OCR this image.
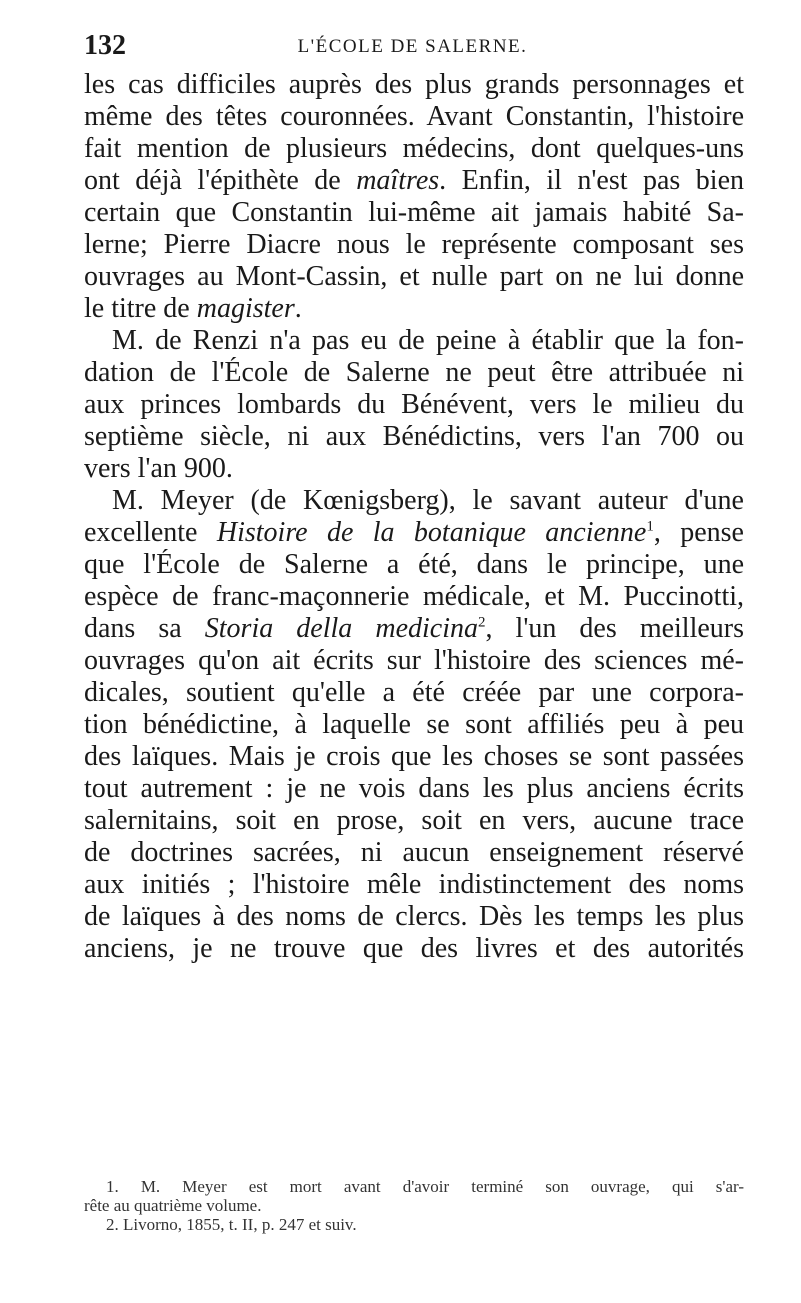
132	L'ÉCOLE DE SALERNE.
les cas difficiles auprès des plus grands personnages et
même des têtes couronnées. Avant Constantin, l'histoire
fait mention de plusieurs médecins, dont quelques-uns
ont déjà l'épithète de maîtres. Enfin, il n'est pas bien
certain que Constantin lui-même ait jamais habité Sa-
lerne; Pierre Diacre nous le représente composant ses
ouvrages au Mont-Cassin, et nulle part on ne lui donne
le titre de magister.
M. de Renzi n'a pas eu de peine à établir que la fon-
dation de l'École de Salerne ne peut être attribuée ni
aux princes lombards du Bénévent, vers le milieu du
septième siècle, ni aux Bénédictins, vers l'an 700 ou
vers l'an 900.
M. Meyer (de Kœnigsberg), le savant auteur d'une
excellente Histoire de la botanique ancienne$^1$, pense
que l'École de Salerne a été, dans le principe, une
espèce de franc-maçonnerie médicale, et M. Puccinotti,
dans sa Storia della medicina$^2$, l'un des meilleurs
ouvrages qu'on ait écrits sur l'histoire des sciences mé-
dicales, soutient qu'elle a été créée par une corpora-
tion bénédictine, à laquelle se sont affiliés peu à peu
des laïques. Mais je crois que les choses se sont passées
tout autrement : je ne vois dans les plus anciens écrits
salernitains, soit en prose, soit en vers, aucune trace
de doctrines sacrées, ni aucun enseignement réservé
aux initiés ; l'histoire mêle indistinctement des noms
de laïques à des noms de clercs. Dès les temps les plus
anciens, je ne trouve que des livres et des autorités
1. M. Meyer est mort avant d'avoir terminé son ouvrage, qui s'ar-
rête au quatrième volume.
2. Livorno, 1855, t. II, p. 247 et suiv.
